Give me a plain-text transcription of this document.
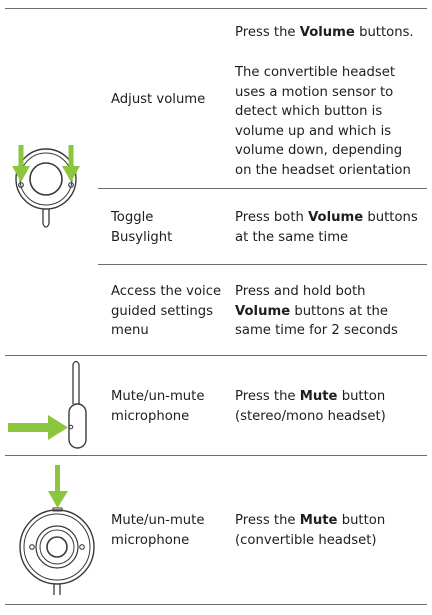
Adjust volume
Press the Volume buttons.
The convertible headset uses a motion sensor to detect which button is volume up and which is volume down, depending on the headset orientation
Toggle Busylight
Press both Volume buttons at the same time
Access the voice guided settings menu
Press and hold both Volume buttons at the same time for 2 seconds
Mute/un-mute microphone
Press the Mute button (stereo/mono headset)
Mute/un-mute microphone
Press the Mute button (convertible headset)
